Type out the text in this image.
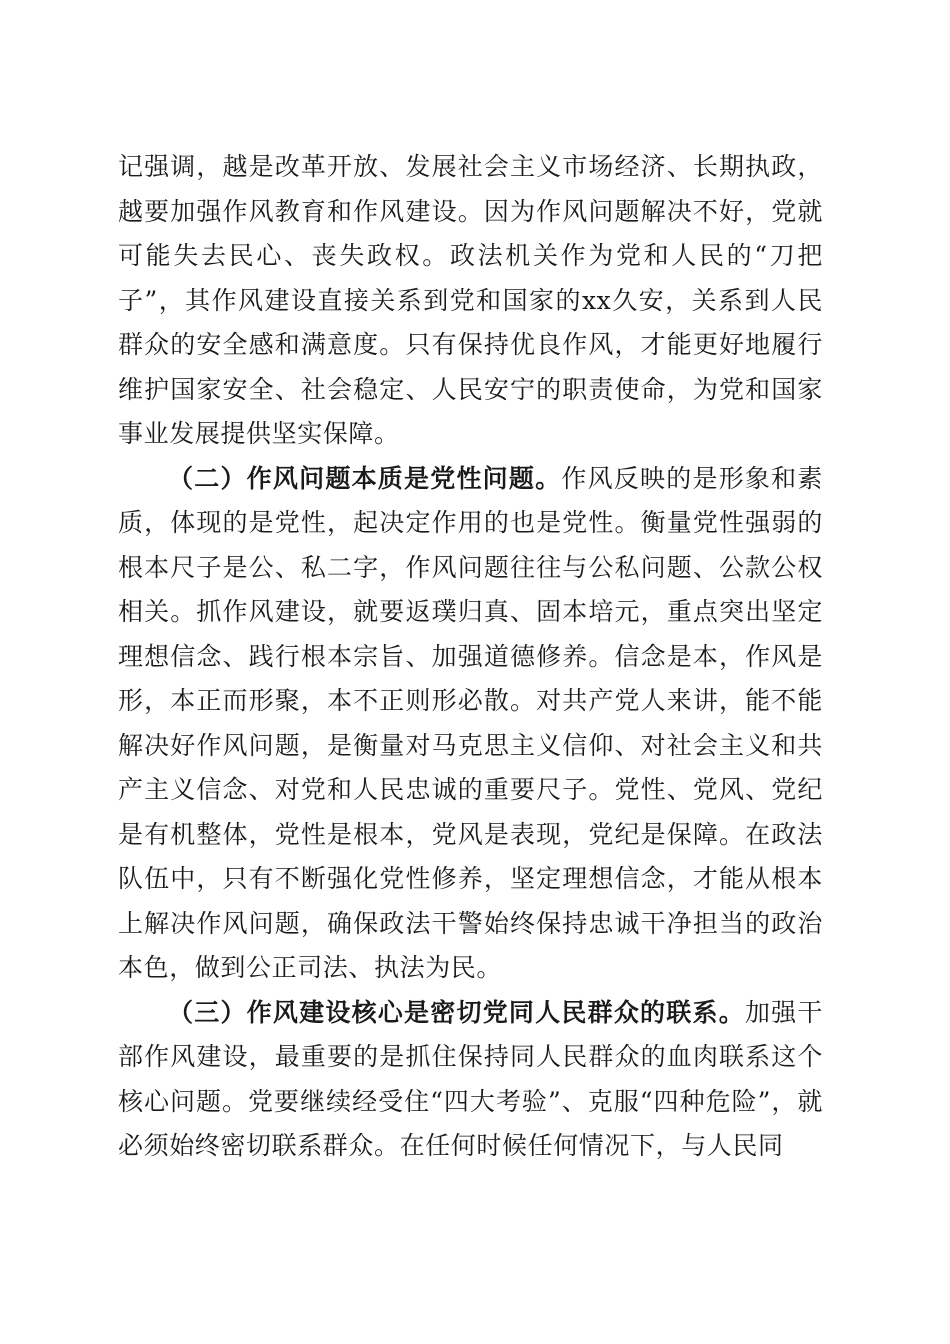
记强调，越是改革开放、发展社会主义市场经济、长期执政，越要加强作风教育和作风建设。因为作风问题解决不好，党就可能失去民心、丧失政权。政法机关作为党和人民的“刀把子”，其作风建设直接关系到党和国家的xx久安，关系到人民群众的安全感和满意度。只有保持优良作风，才能更好地履行维护国家安全、社会稳定、人民安宁的职责使命，为党和国家事业发展提供坚实保障。

（二）作风问题本质是党性问题。作风反映的是形象和素质，体现的是党性，起决定作用的也是党性。衡量党性强弱的根本尺子是公、私二字，作风问题往往与公私问题、公款公权相关。抓作风建设，就要返璞归真、固本培元，重点突出坚定理想信念、践行根本宗旨、加强道德修养。信念是本，作风是形，本正而形聚，本不正则形必散。对共产党人来讲，能不能解决好作风问题，是衡量对马克思主义信仰、对社会主义和共产主义信念、对党和人民忠诚的重要尺子。党性、党风、党纪是有机整体，党性是根本，党风是表现，党纪是保障。在政法队伍中，只有不断强化党性修养，坚定理想信念，才能从根本上解决作风问题，确保政法干警始终保持忠诚干净担当的政治本色，做到公正司法、执法为民。

（三）作风建设核心是密切党同人民群众的联系。加强干部作风建设，最重要的是抓住保持同人民群众的血肉联系这个核心问题。党要继续经受住“四大考验”、克服“四种危险”，就必须始终密切联系群众。在任何时候任何情况下，与人民同
